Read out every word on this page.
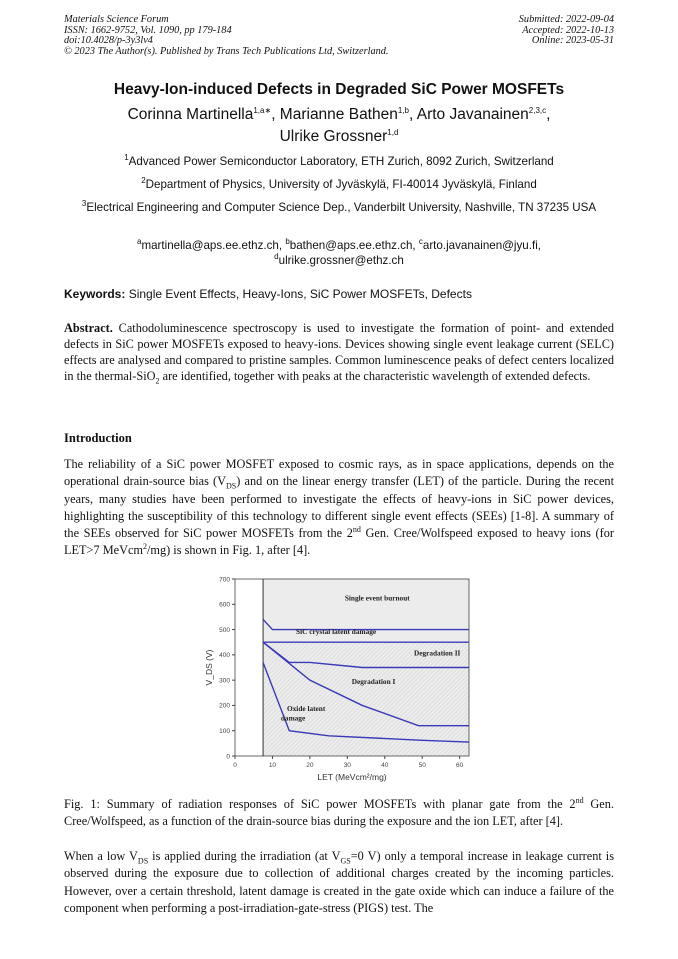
Materials Science Forum
ISSN: 1662-9752, Vol. 1090, pp 179-184
doi:10.4028/p-3y3lv4
© 2023 The Author(s). Published by Trans Tech Publications Ltd, Switzerland.
Submitted: 2022-09-04
Accepted: 2022-10-13
Online: 2023-05-31
Heavy-Ion-induced Defects in Degraded SiC Power MOSFETs
Corinna Martinella$^{1,a∗}$, Marianne Bathen$^{1,b}$, Arto Javanainen$^{2,3,c}$,
Ulrike Grossner$^{1,d}$
$^1$Advanced Power Semiconductor Laboratory, ETH Zurich, 8092 Zurich, Switzerland
$^2$Department of Physics, University of Jyväskylä, FI-40014 Jyväskylä, Finland
$^3$Electrical Engineering and Computer Science Dep., Vanderbilt University, Nashville, TN 37235 USA
$^a$martinella@aps.ee.ethz.ch, $^b$bathen@aps.ee.ethz.ch, $^c$arto.javanainen@jyu.fi, $^d$ulrike.grossner@ethz.ch
Keywords: Single Event Effects, Heavy-Ions, SiC Power MOSFETs, Defects
Abstract. Cathodoluminescence spectroscopy is used to investigate the formation of point- and extended defects in SiC power MOSFETs exposed to heavy-ions. Devices showing single event leakage current (SELC) effects are analysed and compared to pristine samples. Common luminescence peaks of defect centers localized in the thermal-SiO$_2$ are identified, together with peaks at the characteristic wavelength of extended defects.
Introduction
The reliability of a SiC power MOSFET exposed to cosmic rays, as in space applications, depends on the operational drain-source bias $(V_{DS})$ and on the linear energy transfer (LET) of the particle. During the recent years, many studies have been performed to investigate the effects of heavy-ions in SiC power devices, highlighting the susceptibility of this technology to different single event effects (SEEs) [1-8]. A summary of the SEEs observed for SiC power MOSFETs from the 2nd Gen. Cree/Wolfspeed exposed to heavy ions (for LET>7 MeVcm$^2$/mg) is shown in Fig. 1, after [4].
0	10	20	30	40	50	60
0
100
200
300
400
500
600
700
LET (MeVcm²/mg)
V_DS (V)
Single event burnout
SiC crystal latent damage
Degradation II
Degradation I
Oxide latent
damage
Fig. 1: Summary of radiation responses of SiC power MOSFETs with planar gate from the 2nd Gen. Cree/Wolfspeed, as a function of the drain-source bias during the exposure and the ion LET, after [4].
When a low $V_{DS}$ is applied during the irradiation (at $V_{GS}=0$ V) only a temporal increase in leakage current is observed during the exposure due to collection of additional charges created by the incoming particles. However, over a certain threshold, latent damage is created in the gate oxide which can induce a failure of the component when performing a post-irradiation-gate-stress (PIGS) test. The
